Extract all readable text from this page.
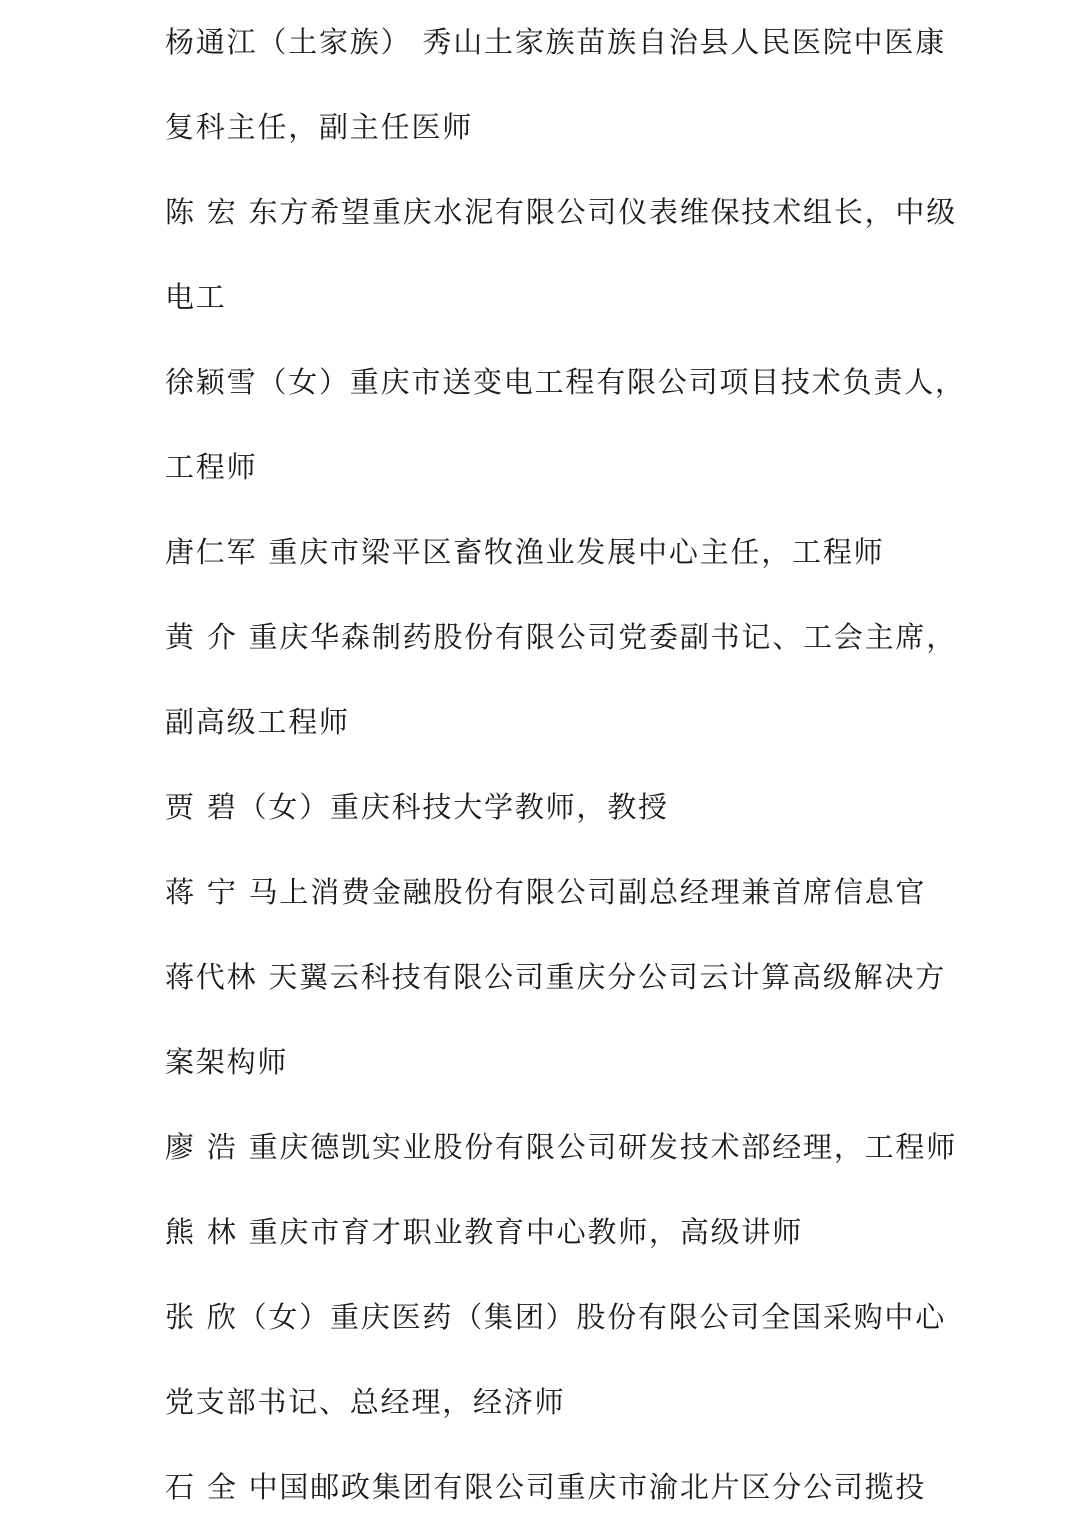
杨通江（土家族） 秀山土家族苗族自治县人民医院中医康
复科主任，副主任医师
陈 宏 东方希望重庆水泥有限公司仪表维保技术组长，中级
电工
徐颖雪（女）重庆市送变电工程有限公司项目技术负责人，
工程师
唐仁军 重庆市梁平区畜牧渔业发展中心主任，工程师
黄 介 重庆华森制药股份有限公司党委副书记、工会主席，
副高级工程师
贾 碧（女）重庆科技大学教师，教授
蒋 宁 马上消费金融股份有限公司副总经理兼首席信息官
蒋代林 天翼云科技有限公司重庆分公司云计算高级解决方
案架构师
廖 浩 重庆德凯实业股份有限公司研发技术部经理，工程师
熊 林 重庆市育才职业教育中心教师，高级讲师
张 欣（女）重庆医药（集团）股份有限公司全国采购中心
党支部书记、总经理，经济师
石 全 中国邮政集团有限公司重庆市渝北片区分公司揽投
